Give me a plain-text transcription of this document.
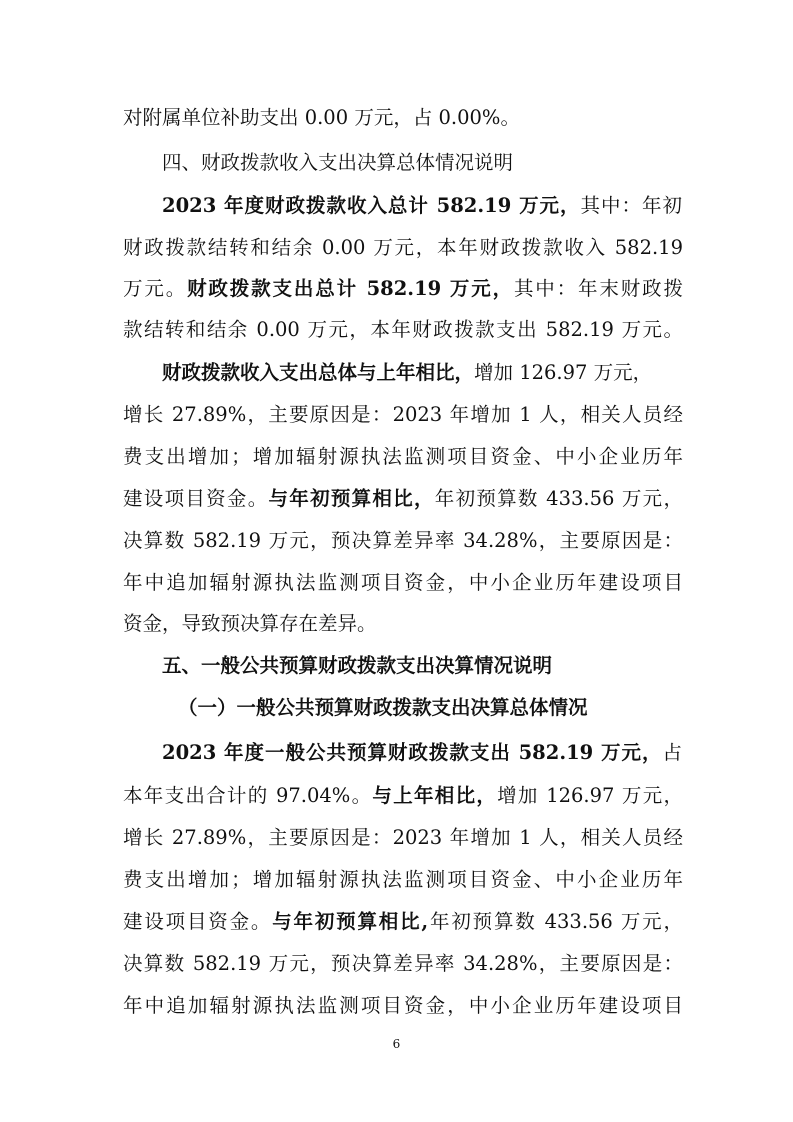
对附属单位补助支出 0.00 万元，占 0.00%。
四、财政拨款收入支出决算总体情况说明
2023 年度财政拨款收入总计 582.19 万元，其中：年初
财政拨款结转和结余 0.00 万元，本年财政拨款收入 582.19
万元。财政拨款支出总计 582.19 万元，其中：年末财政拨
款结转和结余 0.00 万元，本年财政拨款支出 582.19 万元。
财政拨款收入支出总体与上年相比，增加 126.97 万元，
增长 27.89%，主要原因是：2023 年增加 1 人，相关人员经
费支出增加；增加辐射源执法监测项目资金、中小企业历年
建设项目资金。与年初预算相比，年初预算数 433.56 万元，
决算数 582.19 万元，预决算差异率 34.28%，主要原因是：
年中追加辐射源执法监测项目资金，中小企业历年建设项目
资金，导致预决算存在差异。
五、一般公共预算财政拨款支出决算情况说明
（一）一般公共预算财政拨款支出决算总体情况
2023 年度一般公共预算财政拨款支出 582.19 万元，占
本年支出合计的 97.04%。与上年相比，增加 126.97 万元，
增长 27.89%，主要原因是：2023 年增加 1 人，相关人员经
费支出增加；增加辐射源执法监测项目资金、中小企业历年
建设项目资金。与年初预算相比,年初预算数 433.56 万元，
决算数 582.19 万元，预决算差异率 34.28%，主要原因是：
年中追加辐射源执法监测项目资金，中小企业历年建设项目
6
